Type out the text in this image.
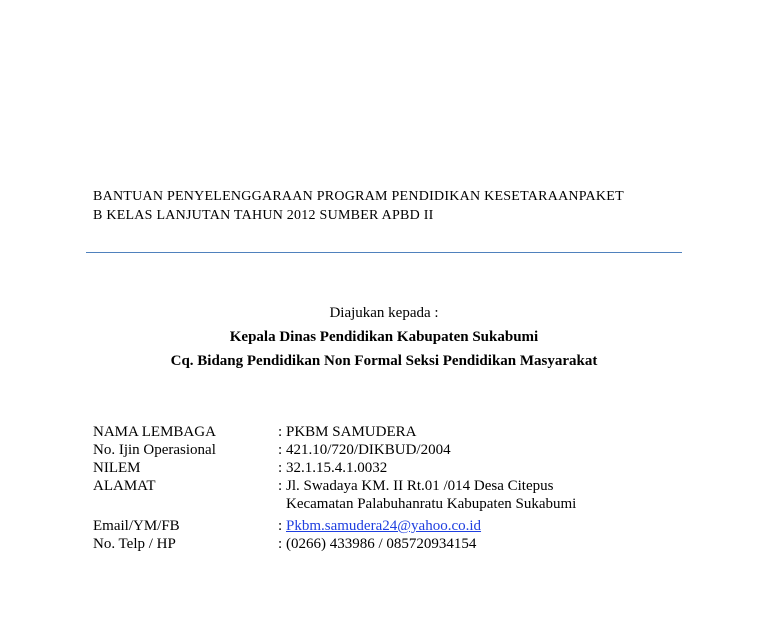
BANTUAN PENYELENGGARAAN PROGRAM PENDIDIKAN KESETARAANPAKET
B KELAS LANJUTAN TAHUN 2012 SUMBER APBD II
Diajukan kepada :
Kepala Dinas Pendidikan Kabupaten Sukabumi
Cq. Bidang Pendidikan Non Formal Seksi Pendidikan Masyarakat
NAMA LEMBAGA	: PKBM SAMUDERA
No. Ijin Operasional	: 421.10/720/DIKBUD/2004
NILEM	: 32.1.15.4.1.0032
ALAMAT	: Jl. Swadaya KM. II Rt.01 /014 Desa Citepus
Kecamatan Palabuhanratu Kabupaten Sukabumi
Email/YM/FB	: Pkbm.samudera24@yahoo.co.id
No. Telp / HP	: (0266) 433986 / 085720934154
